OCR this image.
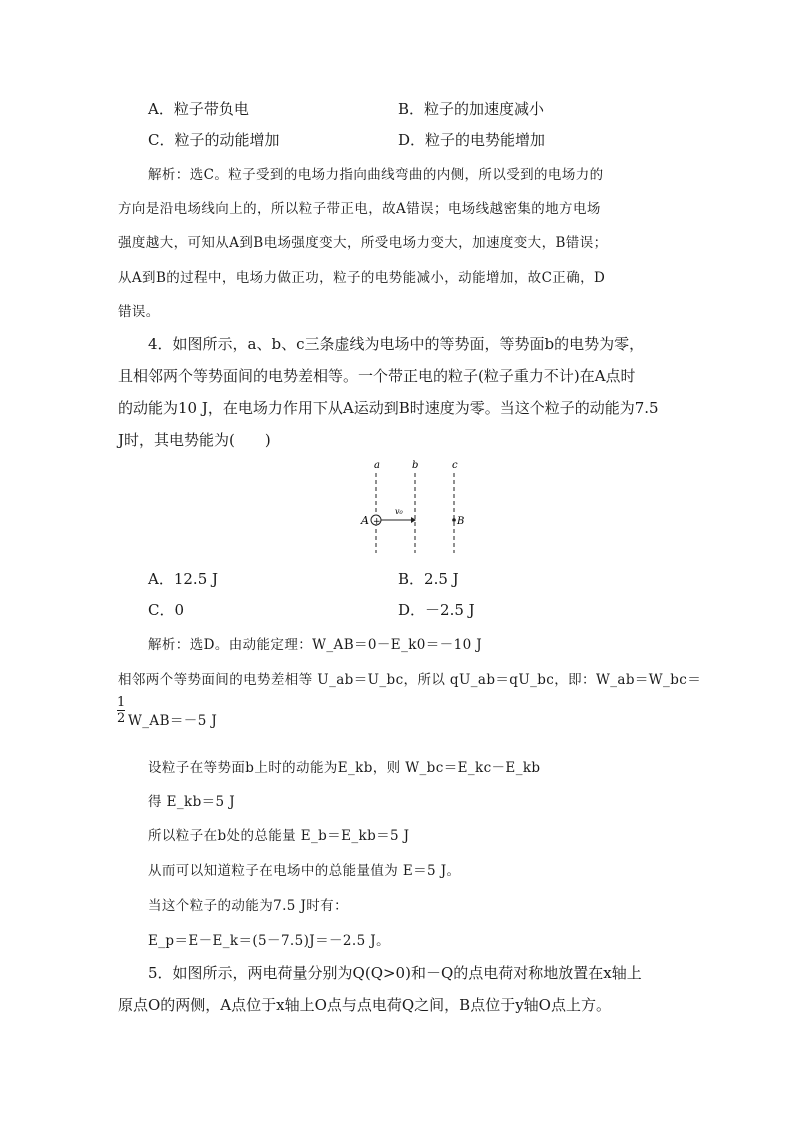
A．粒子带负电	B．粒子的加速度减小
C．粒子的动能增加	D．粒子的电势能增加
解析：选C。粒子受到的电场力指向曲线弯曲的内侧，所以受到的电场力的
方向是沿电场线向上的，所以粒子带正电，故A错误；电场线越密集的地方电场
强度越大，可知从A到B电场强度变大，所受电场力变大，加速度变大，B错误；
从A到B的过程中，电场力做正功，粒子的电势能减小，动能增加，故C正确，D
错误。
4．如图所示，a、b、c三条虚线为电场中的等势面，等势面b的电势为零，
且相邻两个等势面间的电势差相等。一个带正电的粒子(粒子重力不计)在A点时
的动能为10 J，在电场力作用下从A运动到B时速度为零。当这个粒子的动能为7.5
J时，其电势能为(　　)
a	b	c
A +
v₀
B
A．12.5 J	B．2.5 J
C．0	D．－2.5 J
解析：选D。由动能定理：W_AB＝0－E_k0＝－10 J
相邻两个等势面间的电势差相等 U_ab＝U_bc，所以 qU_ab＝qU_bc，即：W_ab＝W_bc＝
1
2 W_AB＝－5 J
设粒子在等势面b上时的动能为E_kb，则 W_bc＝E_kc－E_kb
得 E_kb＝5 J
所以粒子在b处的总能量 E_b＝E_kb＝5 J
从而可以知道粒子在电场中的总能量值为 E＝5 J。
当这个粒子的动能为7.5 J时有：
E_p＝E－E_k＝(5－7.5)J＝－2.5 J。
5．如图所示，两电荷量分别为Q(Q>0)和－Q的点电荷对称地放置在x轴上
原点O的两侧，A点位于x轴上O点与点电荷Q之间，B点位于y轴O点上方。
